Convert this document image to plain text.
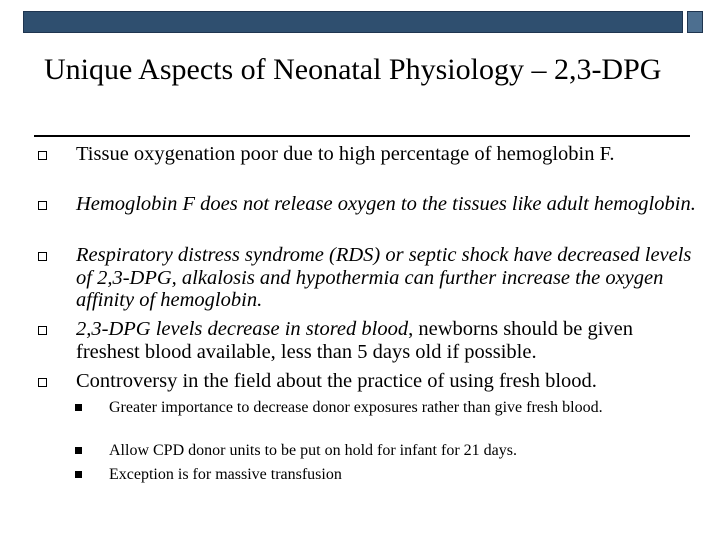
Unique Aspects of Neonatal Physiology – 2,3-DPG
Tissue oxygenation poor due to high percentage of hemoglobin F.
Hemoglobin F does not release oxygen to the tissues like adult hemoglobin.
Respiratory distress syndrome (RDS) or septic shock have decreased levels of 2,3-DPG, alkalosis and hypothermia can further increase the oxygen affinity of hemoglobin.
2,3-DPG levels decrease in stored blood, newborns should be given freshest blood available, less than 5 days old if possible.
Controversy in the field about the practice of using fresh blood.
Greater importance to decrease donor exposures rather than give fresh blood.
Allow CPD donor units to be put on hold for infant for 21 days.
Exception is for massive transfusion
